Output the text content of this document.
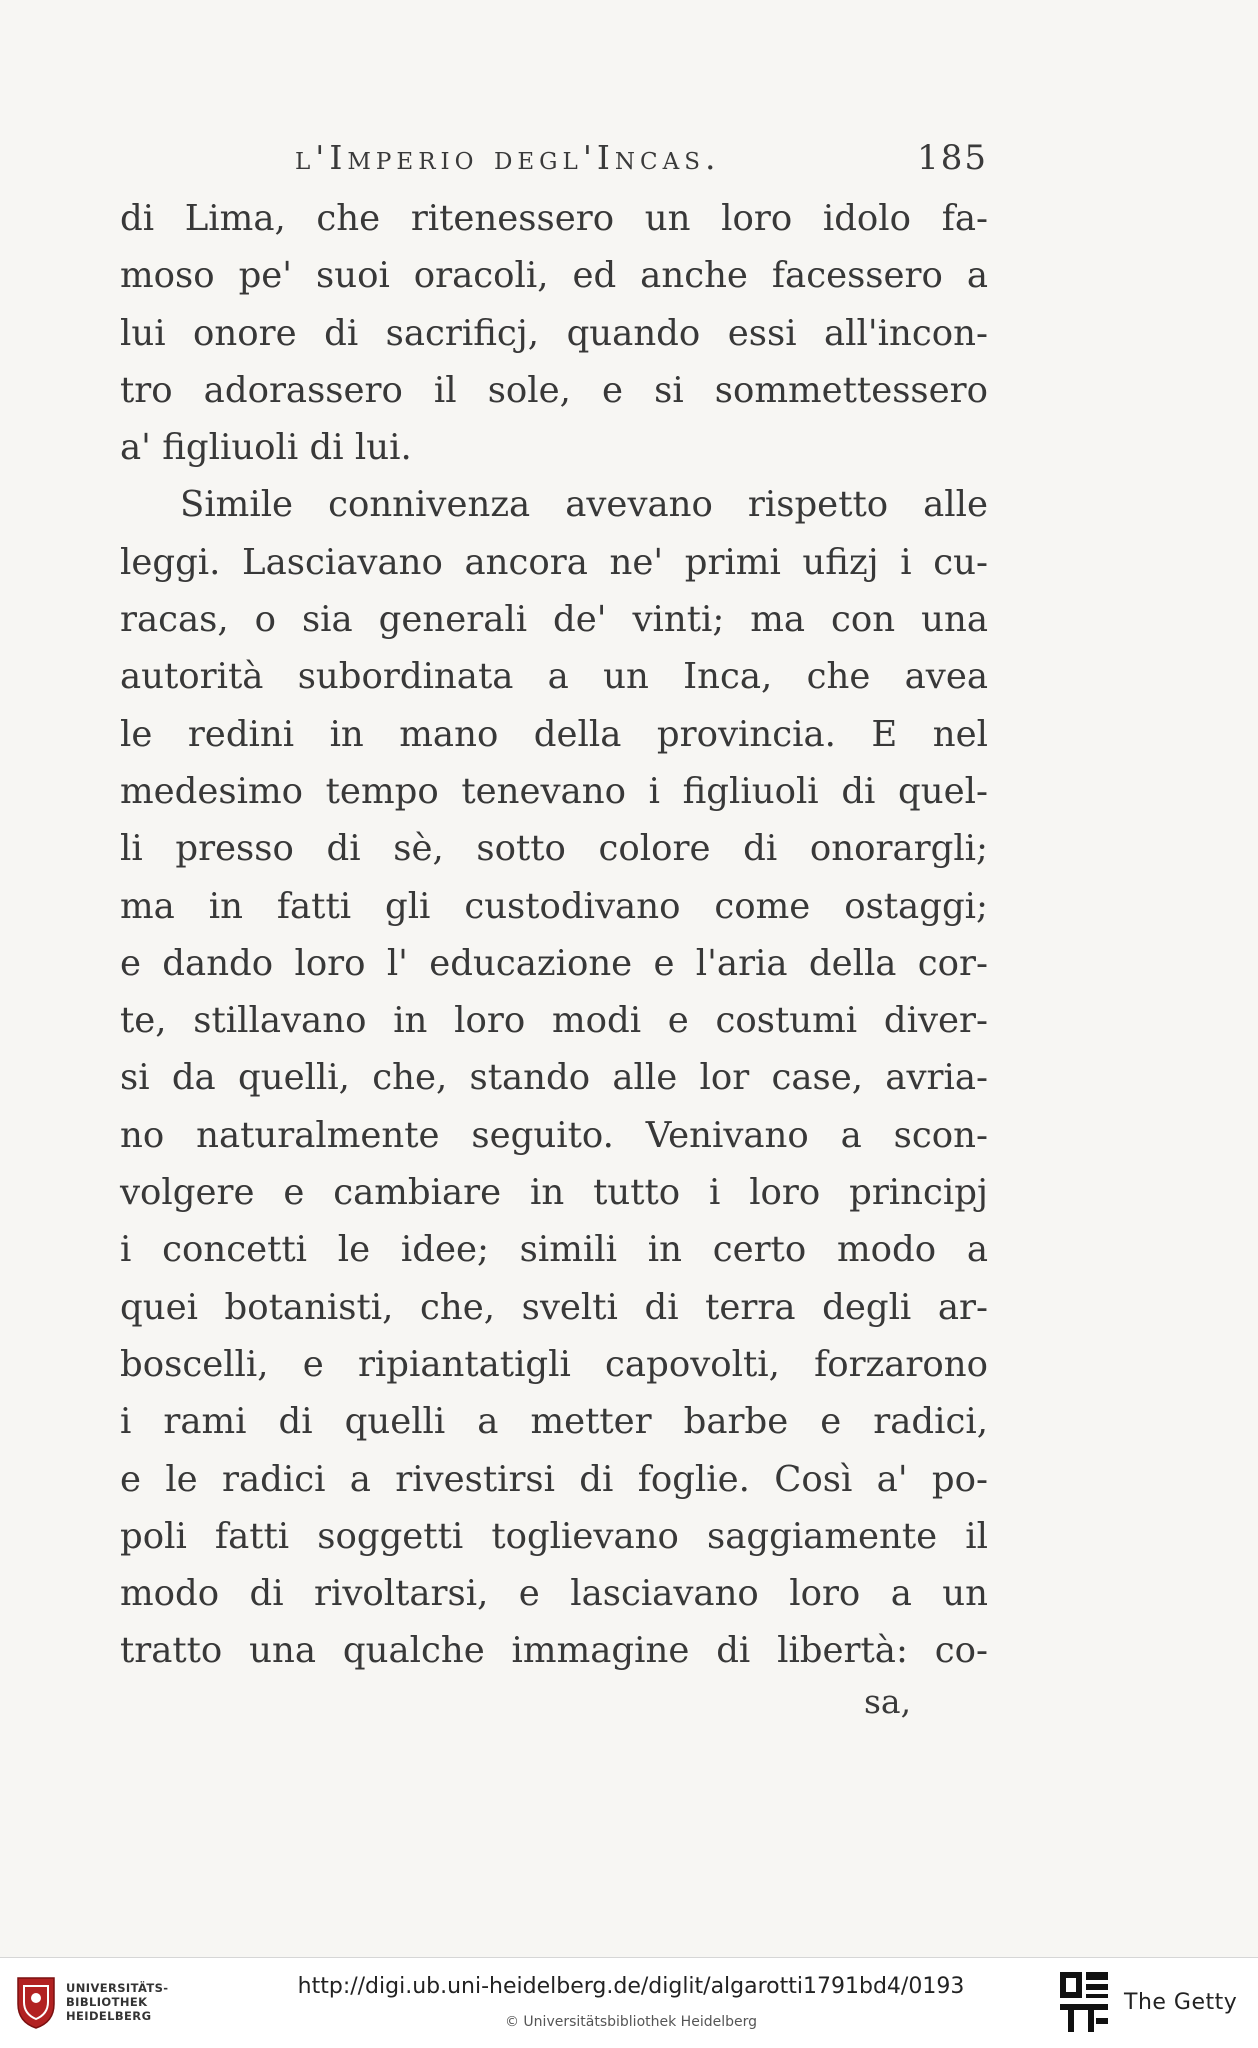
l'Imperio degl'Incas.	185
di Lima, che ritenessero un loro idolo fa-
moso pe' suoi oracoli, ed anche facessero a
lui onore di sacrificj, quando essi all'incon-
tro adorassero il sole, e si sommettessero
a' figliuoli di lui.
Simile connivenza avevano rispetto alle
leggi. Lasciavano ancora ne' primi ufizj i cu-
racas, o sia generali de' vinti; ma con una
autorità subordinata a un Inca, che avea
le redini in mano della provincia. E nel
medesimo tempo tenevano i figliuoli di quel-
li presso di sè, sotto colore di onorargli;
ma in fatti gli custodivano come ostaggi;
e dando loro l' educazione e l'aria della cor-
te, stillavano in loro modi e costumi diver-
si da quelli, che, stando alle lor case, avria-
no naturalmente seguito. Venivano a scon-
volgere e cambiare in tutto i loro principj
i concetti le idee; simili in certo modo a
quei botanisti, che, svelti di terra degli ar-
boscelli, e ripiantatigli capovolti, forzarono
i rami di quelli a metter barbe e radici,
e le radici a rivestirsi di foglie. Così a' po-
poli fatti soggetti toglievano saggiamente il
modo di rivoltarsi, e lasciavano loro a un
tratto una qualche immagine di libertà: co-
sa,
UNIVERSITÄTS-
BIBLIOTHEK
HEIDELBERG
http://digi.ub.uni-heidelberg.de/diglit/algarotti1791bd4/0193
© Universitätsbibliothek Heidelberg
The Getty
